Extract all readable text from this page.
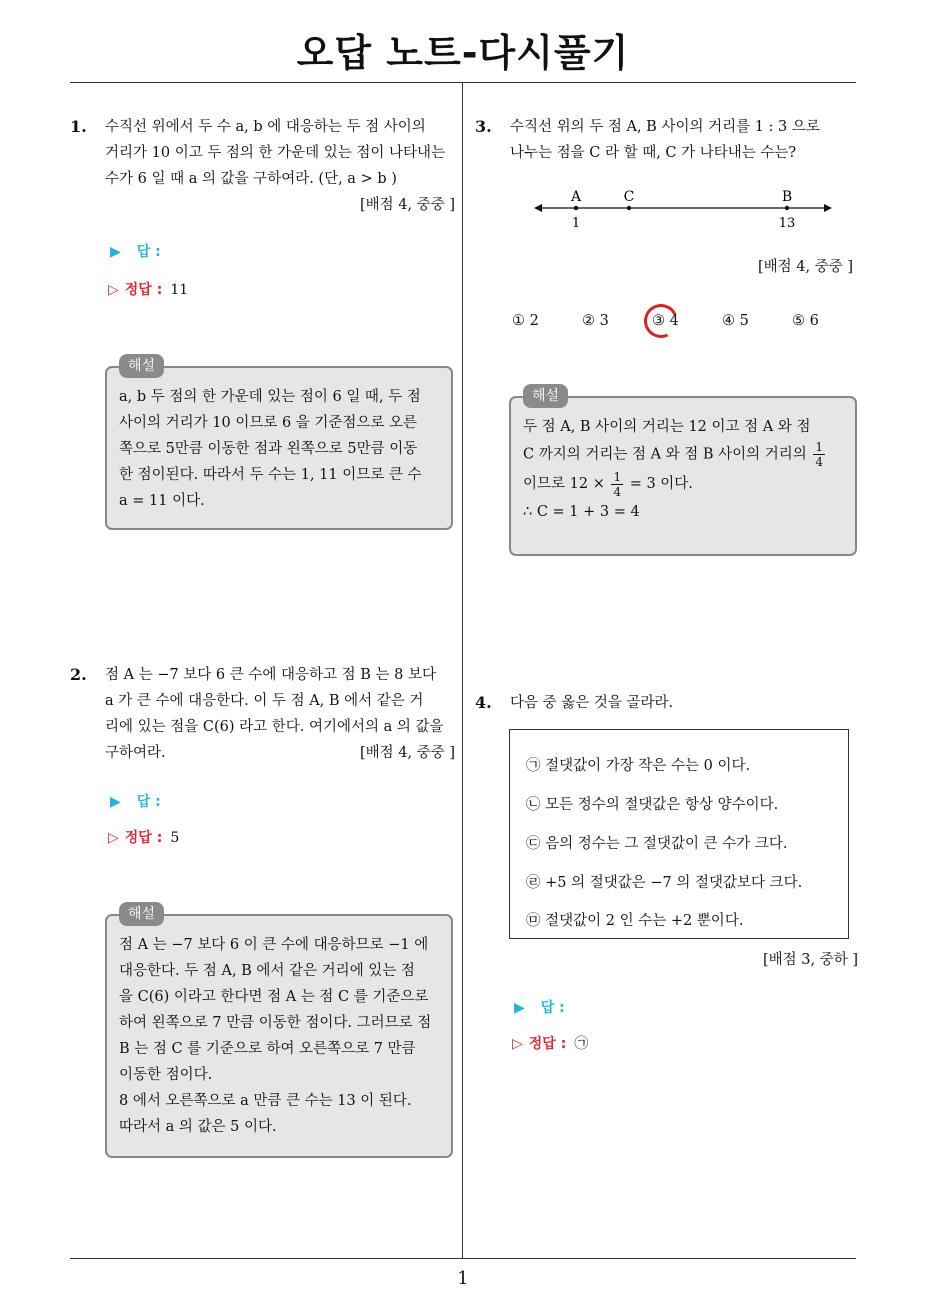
오답 노트-다시풀기
1
1. 수직선 위에서 두 수 a, b 에 대응하는 두 점 사이의
거리가 10 이고 두 점의 한 가운데 있는 점이 나타내는
수가 6 일 때 a 의 값을 구하여라. (단, a > b )
[배점 4, 중중 ]
▶ 답 :
▷ 정답 : 11
해설

a, b 두 점의 한 가운데 있는 점이 6 일 때, 두 점

사이의 거리가 10 이므로 6 을 기준점으로 오른

쪽으로 5만큼 이동한 점과 왼쪽으로 5만큼 이동

한 점이된다. 따라서 두 수는 1, 11 이므로 큰 수

a = 11 이다.

2. 점 A 는 −7 보다 6 큰 수에 대응하고 점 B 는 8 보다
a 가 큰 수에 대응한다. 이 두 점 A, B 에서 같은 거
리에 있는 점을 C(6) 라고 한다. 여기에서의 a 의 값을
구하여라.	[배점 4, 중중 ]
▶ 답 :
▷ 정답 : 5
해설

점 A 는 −7 보다 6 이 큰 수에 대응하므로 −1 에

대응한다. 두 점 A, B 에서 같은 거리에 있는 점

을 C(6) 이라고 한다면 점 A 는 점 C 를 기준으로

하여 왼쪽으로 7 만큼 이동한 점이다. 그러므로 점

B 는 점 C 를 기준으로 하여 오른쪽으로 7 만큼

이동한 점이다.

8 에서 오른쪽으로 a 만큼 큰 수는 13 이 된다.

따라서 a 의 값은 5 이다.

3. 수직선 위의 두 점 A, B 사이의 거리를 1 : 3 으로
나누는 점을 C 라 할 때, C 가 나타내는 수는?
A	C	B
1	13
[배점 4, 중중 ]
① 2	② 3	③ 4	④ 5	⑤ 6
해설

두 점 A, B 사이의 거리는 12 이고 점 A 와 점

C 까지의 거리는 점 A 와 점 B 사이의 거리의 $\frac{1}{4}$

이므로 $12 \times \frac{1}{4} = 3$ 이다.

∴ C = 1 + 3 = 4

4. 다음 중 옳은 것을 골라라.
㉠ 절댓값이 가장 작은 수는 0 이다.
㉡ 모든 정수의 절댓값은 항상 양수이다.
㉢ 음의 정수는 그 절댓값이 큰 수가 크다.
㉣ +5 의 절댓값은 −7 의 절댓값보다 크다.
㉤ 절댓값이 2 인 수는 +2 뿐이다.
[배점 3, 중하 ]
▶ 답 :
▷ 정답 : ㉠
